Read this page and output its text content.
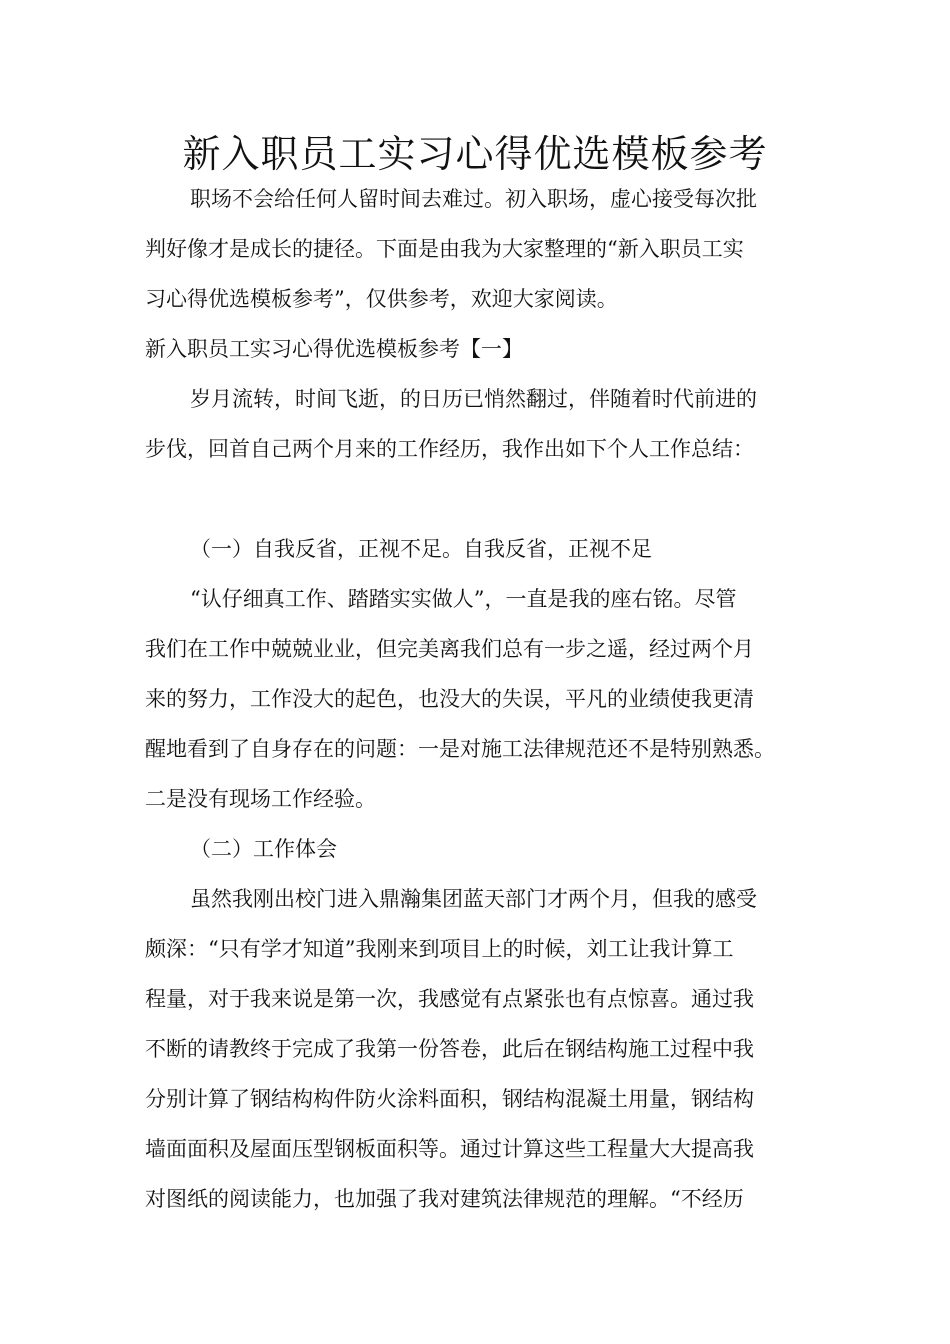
新入职员工实习心得优选模板参考

职场不会给任何人留时间去难过。初入职场，虚心接受每次批

判好像才是成长的捷径。下面是由我为大家整理的“新入职员工实

习心得优选模板参考”，仅供参考，欢迎大家阅读。

新入职员工实习心得优选模板参考【一】

岁月流转，时间飞逝，的日历已悄然翻过，伴随着时代前进的

步伐，回首自己两个月来的工作经历，我作出如下个人工作总结：

（一）自我反省，正视不足。自我反省，正视不足

“认仔细真工作、踏踏实实做人”，一直是我的座右铭。尽管

我们在工作中兢兢业业，但完美离我们总有一步之遥，经过两个月

来的努力，工作没大的起色，也没大的失误，平凡的业绩使我更清

醒地看到了自身存在的问题：一是对施工法律规范还不是特别熟悉。

二是没有现场工作经验。

（二）工作体会

虽然我刚出校门进入鼎瀚集团蓝天部门才两个月，但我的感受

颇深：“只有学才知道”我刚来到项目上的时候，刘工让我计算工

程量，对于我来说是第一次，我感觉有点紧张也有点惊喜。通过我

不断的请教终于完成了我第一份答卷，此后在钢结构施工过程中我

分别计算了钢结构构件防火涂料面积，钢结构混凝土用量，钢结构

墙面面积及屋面压型钢板面积等。通过计算这些工程量大大提高我

对图纸的阅读能力，也加强了我对建筑法律规范的理解。“不经历
